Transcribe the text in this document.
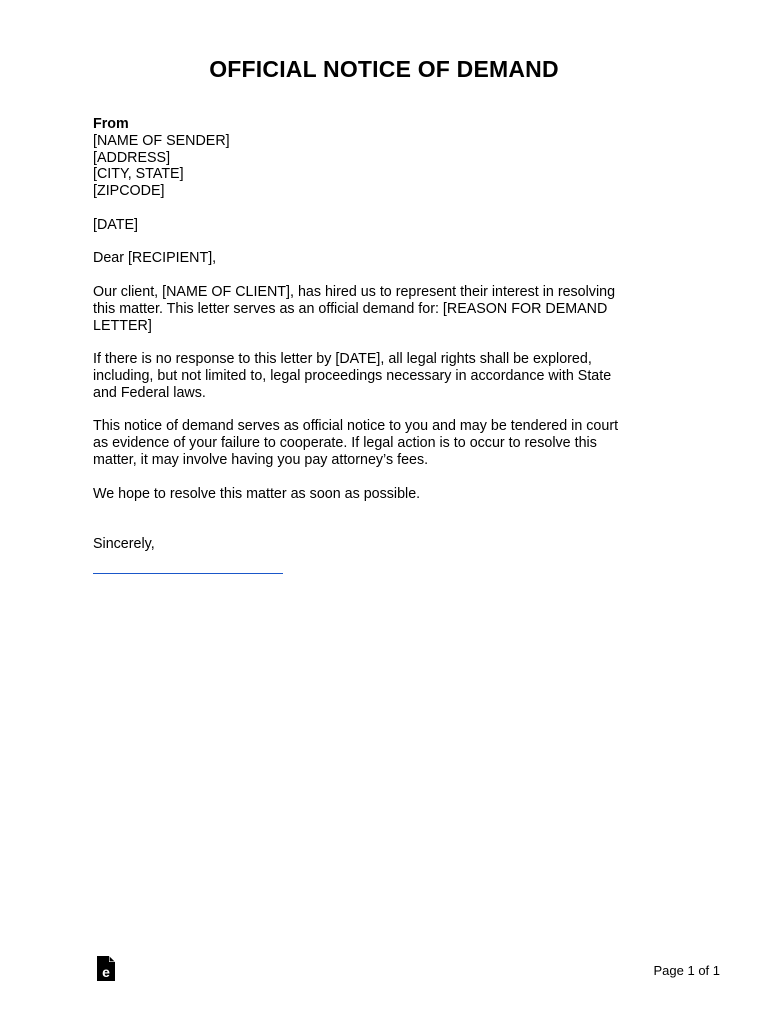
OFFICIAL NOTICE OF DEMAND
From
[NAME OF SENDER]
[ADDRESS]
[CITY, STATE]
[ZIPCODE]
[DATE]
Dear [RECIPIENT],
Our client, [NAME OF CLIENT], has hired us to represent their interest in resolving
this matter. This letter serves as an official demand for: [REASON FOR DEMAND
LETTER]
If there is no response to this letter by [DATE], all legal rights shall be explored,
including, but not limited to, legal proceedings necessary in accordance with State
and Federal laws.
This notice of demand serves as official notice to you and may be tendered in court
as evidence of your failure to cooperate. If legal action is to occur to resolve this
matter, it may involve having you pay attorney’s fees.
We hope to resolve this matter as soon as possible.
Sincerely,
e	Page 1 of 1
